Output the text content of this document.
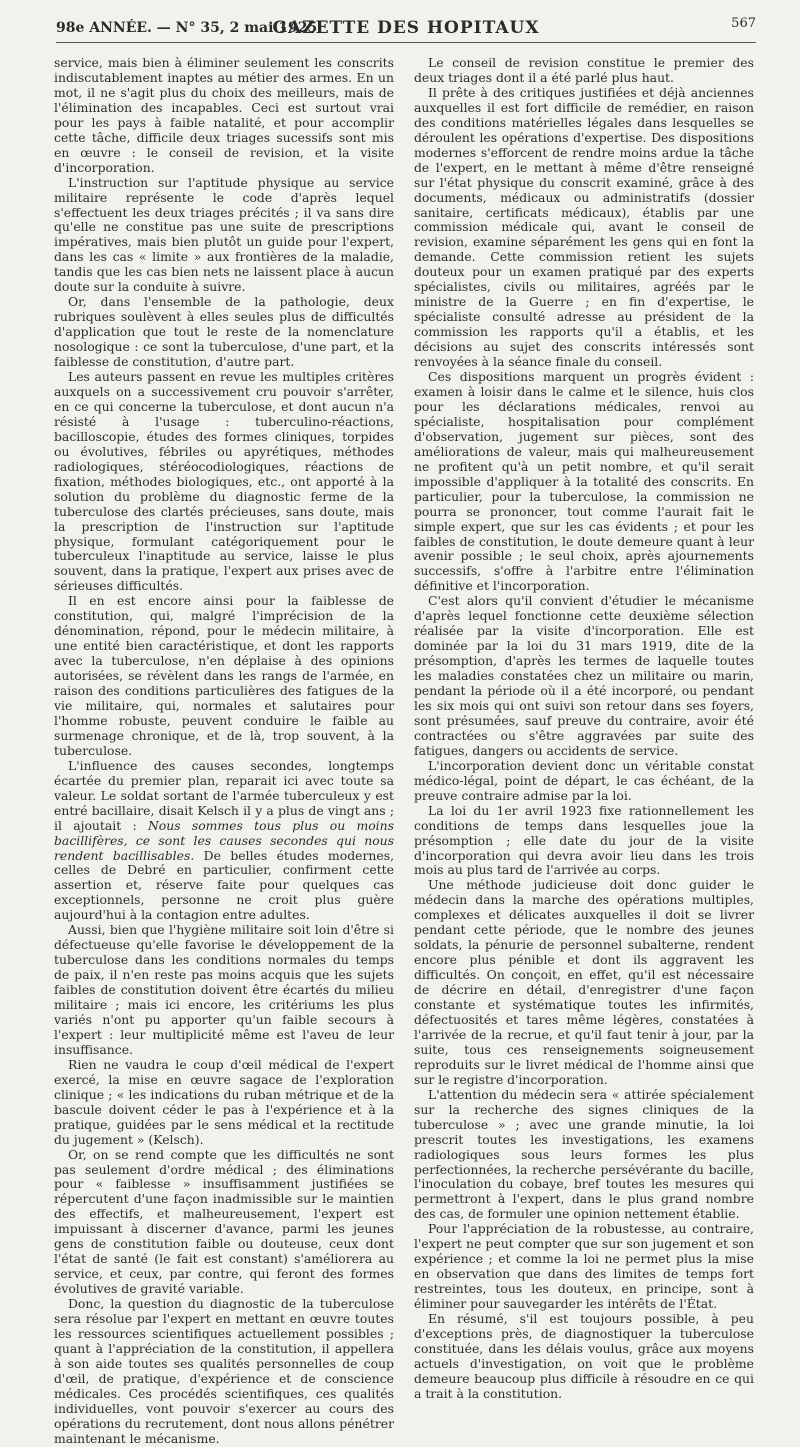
98e ANNÉE. — N° 35, 2 mai 1925.
GAZETTE DES HOPITAUX	567

service, mais bien à éliminer seulement les conscrits indiscutablement inaptes au métier des armes. En un mot, il ne s'agit plus du choix des meilleurs, mais de l'élimination des incapables. Ceci est surtout vrai pour les pays à faible natalité, et pour accomplir cette tâche, difficile deux triages sucessifs sont mis en œuvre : le conseil de revision, et la visite d'incorporation.

L'instruction sur l'aptitude physique au service militaire représente le code d'après lequel s'effectuent les deux triages précités ; il va sans dire qu'elle ne constitue pas une suite de prescriptions impératives, mais bien plutôt un guide pour l'expert, dans les cas « limite » aux frontières de la maladie, tandis que les cas bien nets ne laissent place à aucun doute sur la conduite à suivre.

Or, dans l'ensemble de la pathologie, deux rubriques soulèvent à elles seules plus de difficultés d'application que tout le reste de la nomenclature nosologique : ce sont la tuberculose, d'une part, et la faiblesse de constitution, d'autre part.

Les auteurs passent en revue les multiples critères auxquels on a successivement cru pouvoir s'arrêter, en ce qui concerne la tuberculose, et dont aucun n'a résisté à l'usage : tuberculino-réactions, bacilloscopie, études des formes cliniques, torpides ou évolutives, fébriles ou apyrétiques, méthodes radiologiques, stéréocodiologiques, réactions de fixation, méthodes biologiques, etc., ont apporté à la solution du problème du diagnostic ferme de la tuberculose des clartés précieuses, sans doute, mais la prescription de l'instruction sur l'aptitude physique, formulant catégoriquement pour le tuberculeux l'inaptitude au service, laisse le plus souvent, dans la pratique, l'expert aux prises avec de sérieuses difficultés.

Il en est encore ainsi pour la faiblesse de constitution, qui, malgré l'imprécision de la dénomination, répond, pour le médecin militaire, à une entité bien caractéristique, et dont les rapports avec la tuberculose, n'en déplaise à des opinions autorisées, se révèlent dans les rangs de l'armée, en raison des conditions particulières des fatigues de la vie militaire, qui, normales et salutaires pour l'homme robuste, peuvent conduire le faible au surmenage chronique, et de là, trop souvent, à la tuberculose.

L'influence des causes secondes, longtemps écartée du premier plan, reparait ici avec toute sa valeur. Le soldat sortant de l'armée tuberculeux y est entré bacillaire, disait Kelsch il y a plus de vingt ans ; il ajoutait : Nous sommes tous plus ou moins bacillifères, ce sont les causes secondes qui nous rendent bacillisables. De belles études modernes, celles de Debré en particulier, confirment cette assertion et, réserve faite pour quelques cas exceptionnels, personne ne croit plus guère aujourd'hui à la contagion entre adultes.

Aussi, bien que l'hygiène militaire soit loin d'être si défectueuse qu'elle favorise le développement de la tuberculose dans les conditions normales du temps de paix, il n'en reste pas moins acquis que les sujets faibles de constitution doivent être écartés du milieu militaire ; mais ici encore, les critériums les plus variés n'ont pu apporter qu'un faible secours à l'expert : leur multiplicité même est l'aveu de leur insuffisance.

Rien ne vaudra le coup d'œil médical de l'expert exercé, la mise en œuvre sagace de l'exploration clinique ; « les indications du ruban métrique et de la bascule doivent céder le pas à l'expérience et à la pratique, guidées par le sens médical et la rectitude du jugement » (Kelsch).

Or, on se rend compte que les difficultés ne sont pas seulement d'ordre médical ; des éliminations pour « faiblesse » insuffisamment justifiées se répercutent d'une façon inadmissible sur le maintien des effectifs, et malheureusement, l'expert est impuissant à discerner d'avance, parmi les jeunes gens de constitution faible ou douteuse, ceux dont l'état de santé (le fait est constant) s'améliorera au service, et ceux, par contre, qui feront des formes évolutives de gravité variable.

Donc, la question du diagnostic de la tuberculose sera résolue par l'expert en mettant en œuvre toutes les ressources scientifiques actuellement possibles ; quant à l'appréciation de la constitution, il appellera à son aide toutes ses qualités personnelles de coup d'œil, de pratique, d'expérience et de conscience médicales. Ces procédés scientifiques, ces qualités individuelles, vont pouvoir s'exercer au cours des opérations du recrutement, dont nous allons pénétrer maintenant le mécanisme.

Le conseil de revision constitue le premier des deux triages dont il a été parlé plus haut.

Il prête à des critiques justifiées et déjà anciennes auxquelles il est fort difficile de remédier, en raison des conditions matérielles légales dans lesquelles se déroulent les opérations d'expertise. Des dispositions modernes s'efforcent de rendre moins ardue la tâche de l'expert, en le mettant à même d'être renseigné sur l'état physique du conscrit examiné, grâce à des documents, médicaux ou administratifs (dossier sanitaire, certificats médicaux), établis par une commission médicale qui, avant le conseil de revision, examine séparément les gens qui en font la demande. Cette commission retient les sujets douteux pour un examen pratiqué par des experts spécialistes, civils ou militaires, agréés par le ministre de la Guerre ; en fin d'expertise, le spécialiste consulté adresse au président de la commission les rapports qu'il a établis, et les décisions au sujet des conscrits intéressés sont renvoyées à la séance finale du conseil.

Ces dispositions marquent un progrès évident : examen à loisir dans le calme et le silence, huis clos pour les déclarations médicales, renvoi au spécialiste, hospitalisation pour complément d'observation, jugement sur pièces, sont des améliorations de valeur, mais qui malheureusement ne profitent qu'à un petit nombre, et qu'il serait impossible d'appliquer à la totalité des conscrits. En particulier, pour la tuberculose, la commission ne pourra se prononcer, tout comme l'aurait fait le simple expert, que sur les cas évidents ; et pour les faibles de constitution, le doute demeure quant à leur avenir possible ; le seul choix, après ajournements successifs, s'offre à l'arbitre entre l'élimination définitive et l'incorporation.

C'est alors qu'il convient d'étudier le mécanisme d'après lequel fonctionne cette deuxième sélection réalisée par la visite d'incorporation. Elle est dominée par la loi du 31 mars 1919, dite de la présomption, d'après les termes de laquelle toutes les maladies constatées chez un militaire ou marin, pendant la période où il a été incorporé, ou pendant les six mois qui ont suivi son retour dans ses foyers, sont présumées, sauf preuve du contraire, avoir été contractées ou s'être aggravées par suite des fatigues, dangers ou accidents de service.

L'incorporation devient donc un véritable constat médico-légal, point de départ, le cas échéant, de la preuve contraire admise par la loi.

La loi du 1er avril 1923 fixe rationnellement les conditions de temps dans lesquelles joue la présomption ; elle date du jour de la visite d'incorporation qui devra avoir lieu dans les trois mois au plus tard de l'arrivée au corps.

Une méthode judicieuse doit donc guider le médecin dans la marche des opérations multiples, complexes et délicates auxquelles il doit se livrer pendant cette période, que le nombre des jeunes soldats, la pénurie de personnel subalterne, rendent encore plus pénible et dont ils aggravent les difficultés. On conçoit, en effet, qu'il est nécessaire de décrire en détail, d'enregistrer d'une façon constante et systématique toutes les infirmités, défectuosités et tares même légères, constatées à l'arrivée de la recrue, et qu'il faut tenir à jour, par la suite, tous ces renseignements soigneusement reproduits sur le livret médical de l'homme ainsi que sur le registre d'incorporation.

L'attention du médecin sera « attirée spécialement sur la recherche des signes cliniques de la tuberculose » ; avec une grande minutie, la loi prescrit toutes les investigations, les examens radiologiques sous leurs formes les plus perfectionnées, la recherche persévérante du bacille, l'inoculation du cobaye, bref toutes les mesures qui permettront à l'expert, dans le plus grand nombre des cas, de formuler une opinion nettement établie.

Pour l'appréciation de la robustesse, au contraire, l'expert ne peut compter que sur son jugement et son expérience ; et comme la loi ne permet plus la mise en observation que dans des limites de temps fort restreintes, tous les douteux, en principe, sont à éliminer pour sauvegarder les intérêts de l'État.

En résumé, s'il est toujours possible, à peu d'exceptions près, de diagnostiquer la tuberculose constituée, dans les délais voulus, grâce aux moyens actuels d'investigation, on voit que le problème demeure beaucoup plus difficile à résoudre en ce qui a trait à la constitution.
